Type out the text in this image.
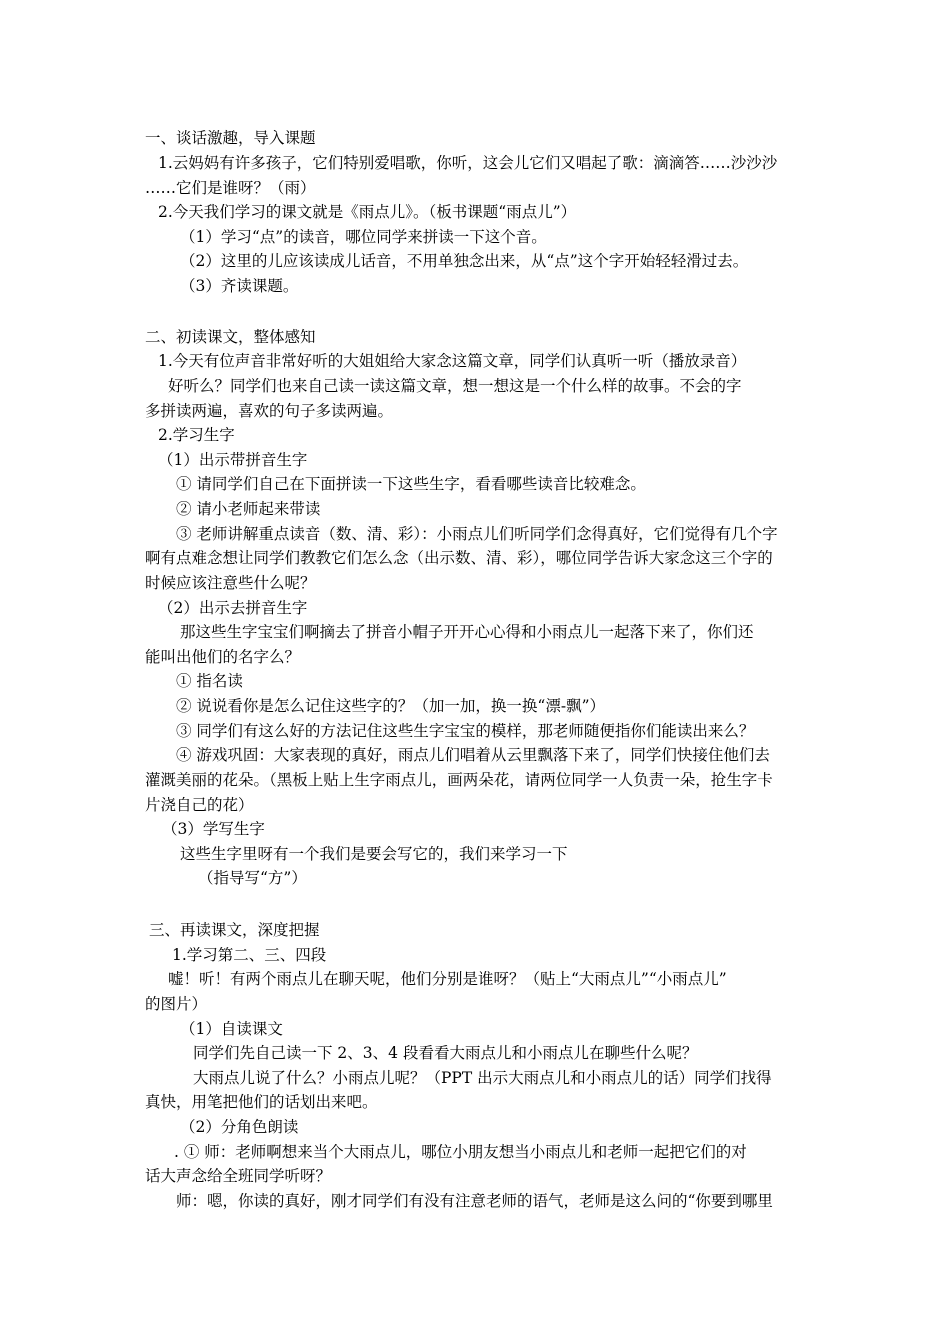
一、谈话激趣，导入课题
1.云妈妈有许多孩子，它们特别爱唱歌，你听，这会儿它们又唱起了歌：滴滴答……沙沙沙
……它们是谁呀？（雨）
2.今天我们学习的课文就是《雨点儿》。（板书课题“雨点儿”）
（1）学习“点”的读音，哪位同学来拼读一下这个音。
（2）这里的儿应该读成儿话音，不用单独念出来，从“点”这个字开始轻轻滑过去。
（3）齐读课题。
二、初读课文，整体感知
1.今天有位声音非常好听的大姐姐给大家念这篇文章，同学们认真听一听（播放录音）
好听么？同学们也来自己读一读这篇文章，想一想这是一个什么样的故事。不会的字
多拼读两遍，喜欢的句子多读两遍。
2.学习生字
（1）出示带拼音生字
① 请同学们自己在下面拼读一下这些生字，看看哪些读音比较难念。
② 请小老师起来带读
③ 老师讲解重点读音（数、清、彩）：小雨点儿们听同学们念得真好，它们觉得有几个字
啊有点难念想让同学们教教它们怎么念（出示数、清、彩），哪位同学告诉大家念这三个字的
时候应该注意些什么呢？
（2）出示去拼音生字
那这些生字宝宝们啊摘去了拼音小帽子开开心心得和小雨点儿一起落下来了，你们还
能叫出他们的名字么？
① 指名读
② 说说看你是怎么记住这些字的？（加一加，换一换“漂-飘”）
③ 同学们有这么好的方法记住这些生字宝宝的模样，那老师随便指你们能读出来么？
④ 游戏巩固：大家表现的真好，雨点儿们唱着从云里飘落下来了，同学们快接住他们去
灌溉美丽的花朵。（黑板上贴上生字雨点儿，画两朵花，请两位同学一人负责一朵，抢生字卡
片浇自己的花）
（3）学写生字
这些生字里呀有一个我们是要会写它的，我们来学习一下
（指导写“方”）
三、再读课文，深度把握
1.学习第二、三、四段
嘘！听！有两个雨点儿在聊天呢，他们分别是谁呀？（贴上“大雨点儿”“小雨点儿”
的图片）
（1）自读课文
同学们先自己读一下 2、3、4 段看看大雨点儿和小雨点儿在聊些什么呢？
大雨点儿说了什么？小雨点儿呢？（PPT 出示大雨点儿和小雨点儿的话）同学们找得
真快，用笔把他们的话划出来吧。
（2）分角色朗读
. ① 师：老师啊想来当个大雨点儿，哪位小朋友想当小雨点儿和老师一起把它们的对
话大声念给全班同学听呀？
师：嗯，你读的真好，刚才同学们有没有注意老师的语气，老师是这么问的“你要到哪里
